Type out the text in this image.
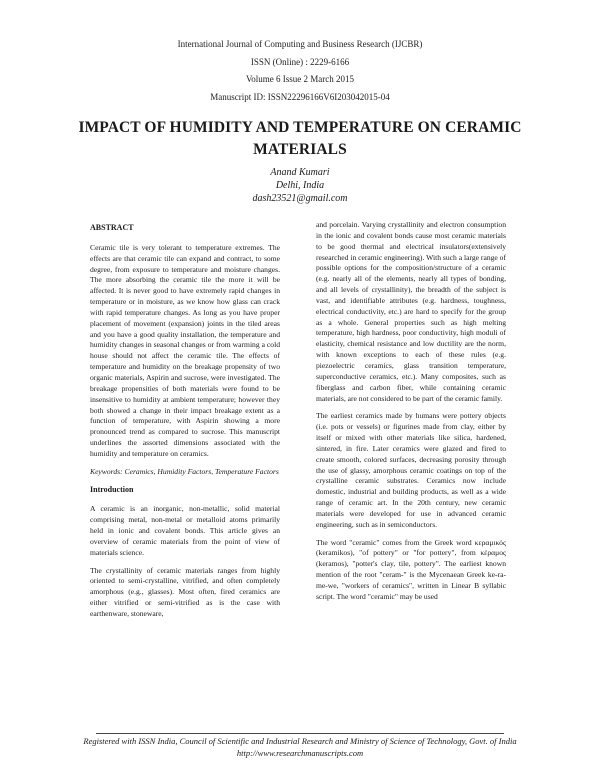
International Journal of Computing and Business Research (IJCBR)
ISSN (Online) : 2229-6166
Volume 6 Issue 2 March 2015
Manuscript ID: ISSN22296166V6I203042015-04
IMPACT OF HUMIDITY AND TEMPERATURE ON CERAMIC MATERIALS
Anand Kumari
Delhi, India
dash23521@gmail.com
ABSTRACT

Ceramic tile is very tolerant to temperature extremes. The effects are that ceramic tile can expand and contract, to some degree, from exposure to temperature and moisture changes. The more absorbing the ceramic tile the more it will be affected. It is never good to have extremely rapid changes in temperature or in moisture, as we know how glass can crack with rapid temperature changes. As long as you have proper placement of movement (expansion) joints in the tiled areas and you have a good quality installation, the temperature and humidity changes in seasonal changes or from warming a cold house should not affect the ceramic tile. The effects of temperature and humidity on the breakage propensity of two organic materials, Aspirin and sucrose, were investigated. The breakage propensities of both materials were found to be insensitive to humidity at ambient temperature; however they both showed a change in their impact breakage extent as a function of temperature, with Aspirin showing a more pronounced trend as compared to sucrose. This manuscript underlines the assorted dimensions associated with the humidity and temperature on ceramics.

Keywords: Ceramics, Humidity Factors, Temperature Factors

Introduction

A ceramic is an inorganic, non-metallic, solid material comprising metal, non-metal or metalloid atoms primarily held in ionic and covalent bonds. This article gives an overview of ceramic materials from the point of view of materials science.

The crystallinity of ceramic materials ranges from highly oriented to semi-crystalline, vitrified, and often completely amorphous (e.g., glasses). Most often, fired ceramics are either vitrified or semi-vitrified as is the case with earthenware, stoneware,

and porcelain. Varying crystallinity and electron consumption in the ionic and covalent bonds cause most ceramic materials to be good thermal and electrical insulators(extensively researched in ceramic engineering). With such a large range of possible options for the composition/structure of a ceramic (e.g. nearly all of the elements, nearly all types of bonding, and all levels of crystallinity), the breadth of the subject is vast, and identifiable attributes (e.g. hardness, toughness, electrical conductivity, etc.) are hard to specify for the group as a whole. General properties such as high melting temperature, high hardness, poor conductivity, high moduli of elasticity, chemical resistance and low ductility are the norm, with known exceptions to each of these rules (e.g. piezoelectric ceramics, glass transition temperature, superconductive ceramics, etc.). Many composites, such as fiberglass and carbon fiber, while containing ceramic materials, are not considered to be part of the ceramic family.

The earliest ceramics made by humans were pottery objects (i.e. pots or vessels) or figurines made from clay, either by itself or mixed with other materials like silica, hardened, sintered, in fire. Later ceramics were glazed and fired to create smooth, colored surfaces, decreasing porosity through the use of glassy, amorphous ceramic coatings on top of the crystalline ceramic substrates. Ceramics now include domestic, industrial and building products, as well as a wide range of ceramic art. In the 20th century, new ceramic materials were developed for use in advanced ceramic engineering, such as in semiconductors.

The word "ceramic" comes from the Greek word κεραμικός (keramikos), "of pottery" or "for pottery", from κέραμος (keramos), "potter's clay, tile, pottery". The earliest known mention of the root "ceram-" is the Mycenaean Greek ke-ra-me-we, "workers of ceramics", written in Linear B syllabic script. The word "ceramic" may be used

Registered with ISSN India, Council of Scientific and Industrial Research and Ministry of Science of Technology, Govt. of India http://www.researchmanuscripts.com
